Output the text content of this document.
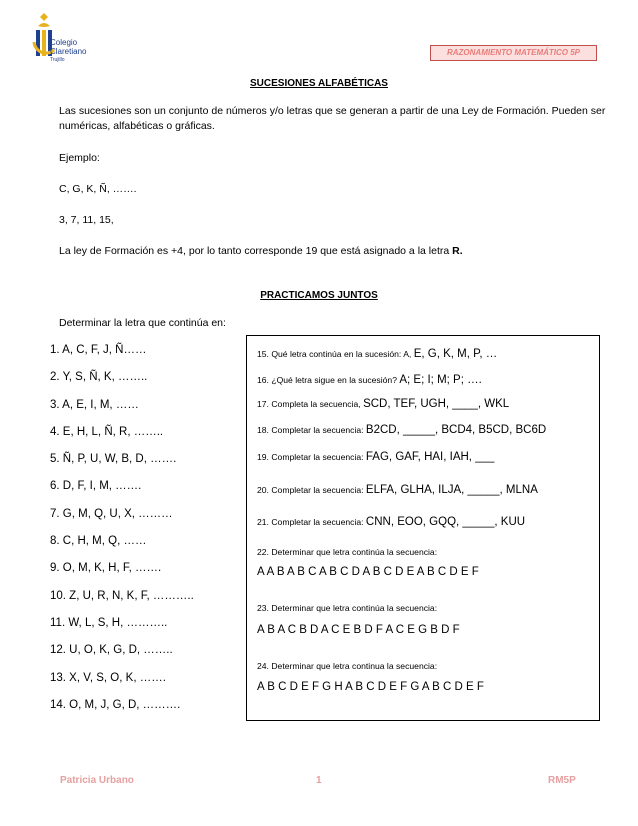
Colegio
Claretiano
Trujillo
RAZONAMIENTO MATEMÁTICO 5P
SUCESIONES ALFABÉTICAS
Las sucesiones son un conjunto de números y/o letras que se generan a partir de una Ley de Formación. Pueden ser numéricas, alfabéticas o gráficas.
Ejemplo:
C, G, K, Ñ, …….
3, 7, 11, 15,
La ley de Formación es +4, por lo tanto corresponde 19 que está asignado a la letra R.
PRACTICAMOS JUNTOS
Determinar la letra que continúa en:
1. A, C, F, J, Ñ……
2. Y, S, Ñ, K, ……..
3. A, E, I, M, ……
4. E, H, L, Ñ, R, ……..
5. Ñ, P, U, W, B, D, …….
6. D, F, I, M, …….
7. G, M, Q, U, X, ………
8. C, H, M, Q, ……
9. O, M, K, H, F, …….
10. Z, U, R, N, K, F, ………..
11. W, L, S, H, ………..
12. U, O, K, G, D, ……..
13. X, V, S, O, K, …….
14. O, M, J, G, D, ……….
15. Qué letra continúa en la sucesión: A, E, G, K, M, P, …
16. ¿Qué letra sigue en la sucesión? A; E; I; M; P; ….
17. Completa la secuencia, SCD, TEF, UGH, ____, WKL
18. Completar la secuencia: B2CD, _____, BCD4, B5CD, BC6D
19. Completar la secuencia: FAG, GAF, HAI, IAH, ___
20. Completar la secuencia: ELFA, GLHA, ILJA, _____, MLNA
21. Completar la secuencia: CNN, EOO, GQQ, _____, KUU
22. Determinar que letra continúa la secuencia:
A A B A B C A B C D A B C D E A B C D E F
23. Determinar que letra continúa la secuencia:
A B A C B D A C E B D F A C E G B D F
24. Determinar que letra continua la secuencia:
A B C D E F G H A B C D E F G A B C D E F
Patricia Urbano	1	RM5P
